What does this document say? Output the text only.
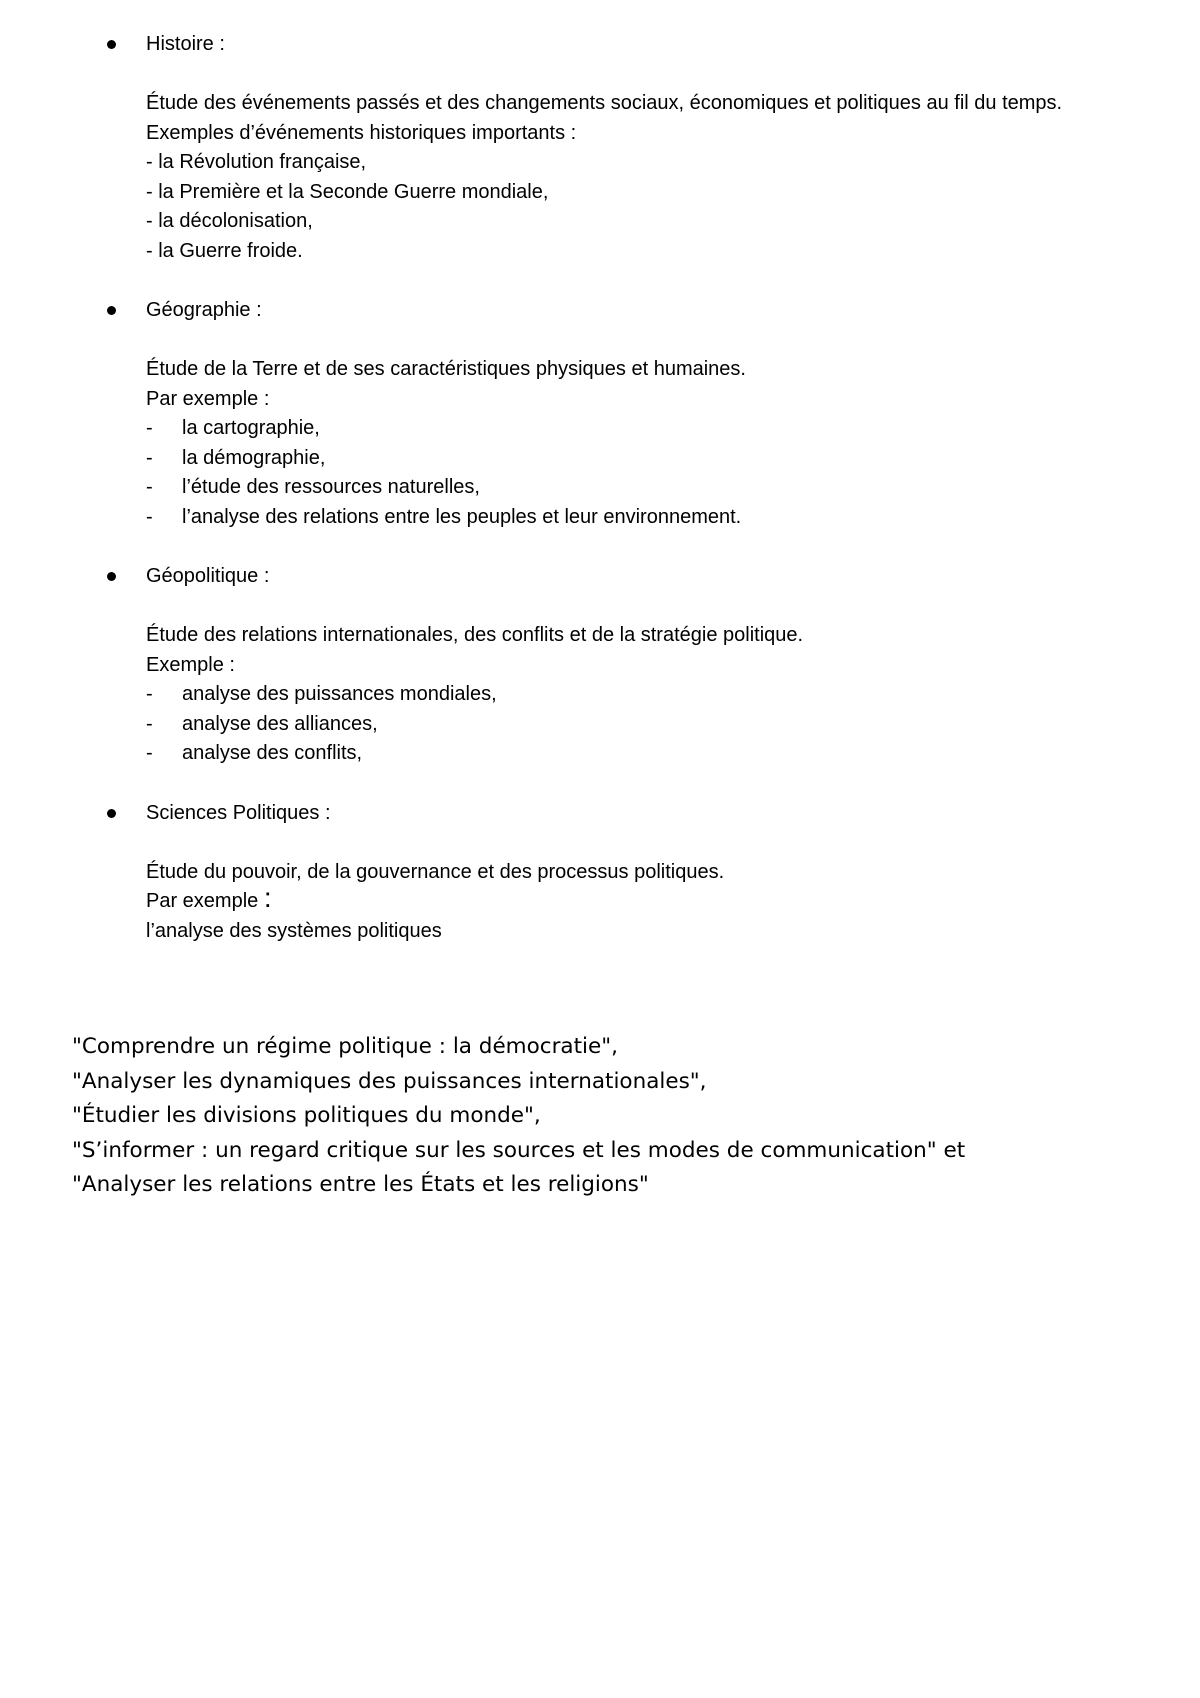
Histoire :
Étude des événements passés et des changements sociaux, économiques et politiques au fil du temps.
Exemples d’événements historiques importants :
- la Révolution française,
- la Première et la Seconde Guerre mondiale,
- la décolonisation,
- la Guerre froide.
Géographie :
Étude de la Terre et de ses caractéristiques physiques et humaines.
Par exemple :
- la cartographie,
- la démographie,
- l’étude des ressources naturelles,
- l’analyse des relations entre les peuples et leur environnement.
Géopolitique :
Étude des relations internationales, des conflits et de la stratégie politique.
Exemple :
- analyse des puissances mondiales,
- analyse des alliances,
- analyse des conflits,
Sciences Politiques :
Étude du pouvoir, de la gouvernance et des processus politiques.
Par exemple :
l’analyse des systèmes politiques
"Comprendre un régime politique : la démocratie",
"Analyser les dynamiques des puissances internationales",
"Étudier les divisions politiques du monde",
"S’informer : un regard critique sur les sources et les modes de communication" et
"Analyser les relations entre les États et les religions"
